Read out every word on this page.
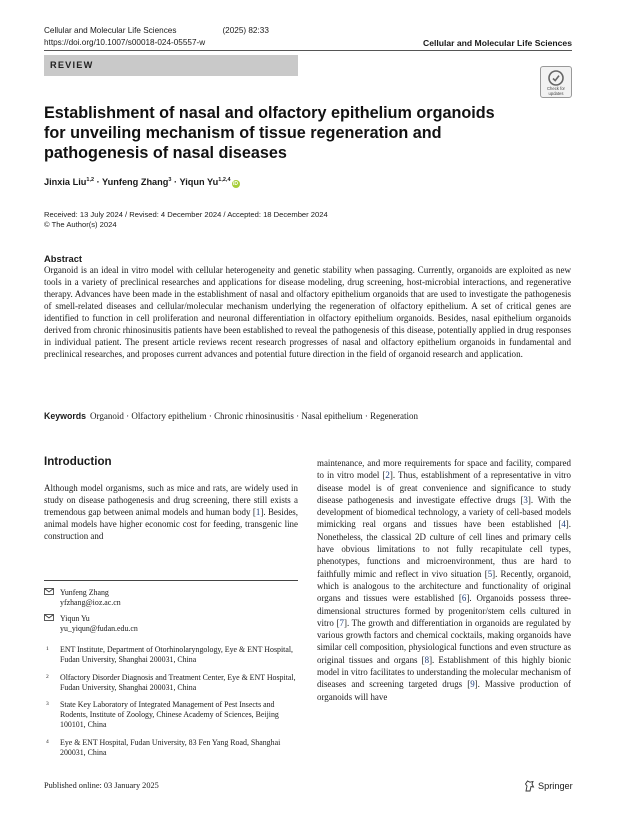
Cellular and Molecular Life Sciences	(2025) 82:33
https://doi.org/10.1007/s00018-024-05557-w	Cellular and Molecular Life Sciences
REVIEW
Check for updates
Establishment of nasal and olfactory epithelium organoids for unveiling mechanism of tissue regeneration and pathogenesis of nasal diseases
Jinxia Liu$^{1,2}$ · Yunfeng Zhang$^3$ · Yiqun Yu$^{1,2,4}$iD
Received: 13 July 2024 / Revised: 4 December 2024 / Accepted: 18 December 2024
© The Author(s) 2024
Abstract
Organoid is an ideal in vitro model with cellular heterogeneity and genetic stability when passaging. Currently, organoids are exploited as new tools in a variety of preclinical researches and applications for disease modeling, drug screening, host-microbial interactions, and regenerative therapy. Advances have been made in the establishment of nasal and olfactory epithelium organoids that are used to investigate the pathogenesis of smell-related diseases and cellular/molecular mechanism underlying the regeneration of olfactory epithelium. A set of critical genes are identified to function in cell proliferation and neuronal differentiation in olfactory epithelium organoids. Besides, nasal epithelium organoids derived from chronic rhinosinusitis patients have been established to reveal the pathogenesis of this disease, potentially applied in drug responses in individual patient. The present article reviews recent research progresses of nasal and olfactory epithelium organoids in fundamental and preclinical researches, and proposes current advances and potential future direction in the field of organoid research and application.
Keywords Organoid · Olfactory epithelium · Chronic rhinosinusitis · Nasal epithelium · Regeneration
Introduction
Although model organisms, such as mice and rats, are widely used in study on disease pathogenesis and drug screening, there still exists a tremendous gap between animal models and human body [1]. Besides, animal models have higher economic cost for feeding, transgenic line construction and
maintenance, and more requirements for space and facility, compared to in vitro model [2]. Thus, establishment of a representative in vitro disease model is of great convenience and significance to study disease pathogenesis and investigate effective drugs [3]. With the development of biomedical technology, a variety of cell-based models mimicking real organs and tissues have been established [4]. Nonetheless, the classical 2D culture of cell lines and primary cells have obvious limitations to not fully recapitulate cell types, phenotypes, functions and microenvironment, thus are hard to faithfully mimic and reflect in vivo situation [5]. Recently, organoid, which is analogous to the architecture and functionality of original organs and tissues were established [6]. Organoids possess three-dimensional structures formed by progenitor/stem cells cultured in vitro [7]. The growth and differentiation in organoids are regulated by various growth factors and chemical cocktails, making organoids have similar cell composition, physiological functions and even structure as original tissues and organs [8]. Establishment of this highly bionic model in vitro facilitates to understanding the molecular mechanism of diseases and screening targeted drugs [9]. Massive production of organoids will have
Yunfeng Zhang
yfzhang@ioz.ac.cn
Yiqun Yu
yu_yiqun@fudan.edu.cn
1 ENT Institute, Department of Otorhinolaryngology, Eye & ENT Hospital, Fudan University, Shanghai 200031, China
2 Olfactory Disorder Diagnosis and Treatment Center, Eye & ENT Hospital, Fudan University, Shanghai 200031, China
3 State Key Laboratory of Integrated Management of Pest Insects and Rodents, Institute of Zoology, Chinese Academy of Sciences, Beijing 100101, China
4 Eye & ENT Hospital, Fudan University, 83 Fen Yang Road, Shanghai 200031, China
Published online: 03 January 2025	Springer
